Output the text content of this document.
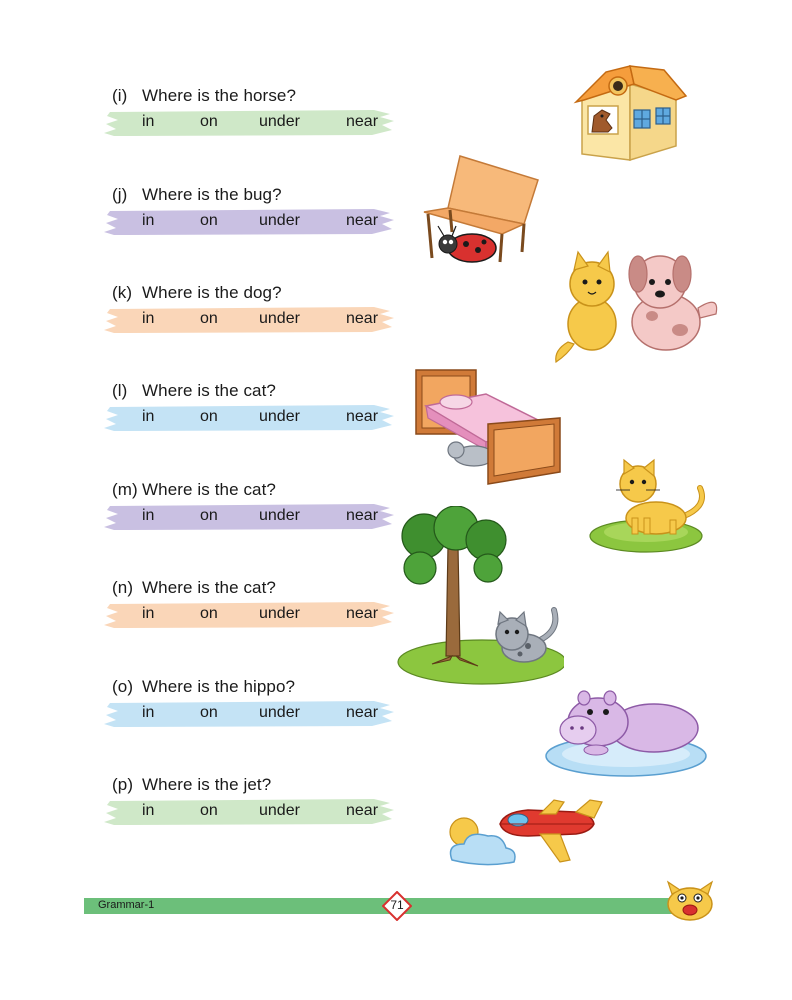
(i) Where is the horse?
in	on	under	near
(j) Where is the bug?
in	on	under	near
(k) Where is the dog?
in	on	under	near
(l) Where is the cat?
in	on	under	near
(m) Where is the cat?
in	on	under	near
(n) Where is the cat?
in	on	under	near
(o) Where is the hippo?
in	on	under	near
(p) Where is the jet?
in	on	under	near
Grammar-1	71
